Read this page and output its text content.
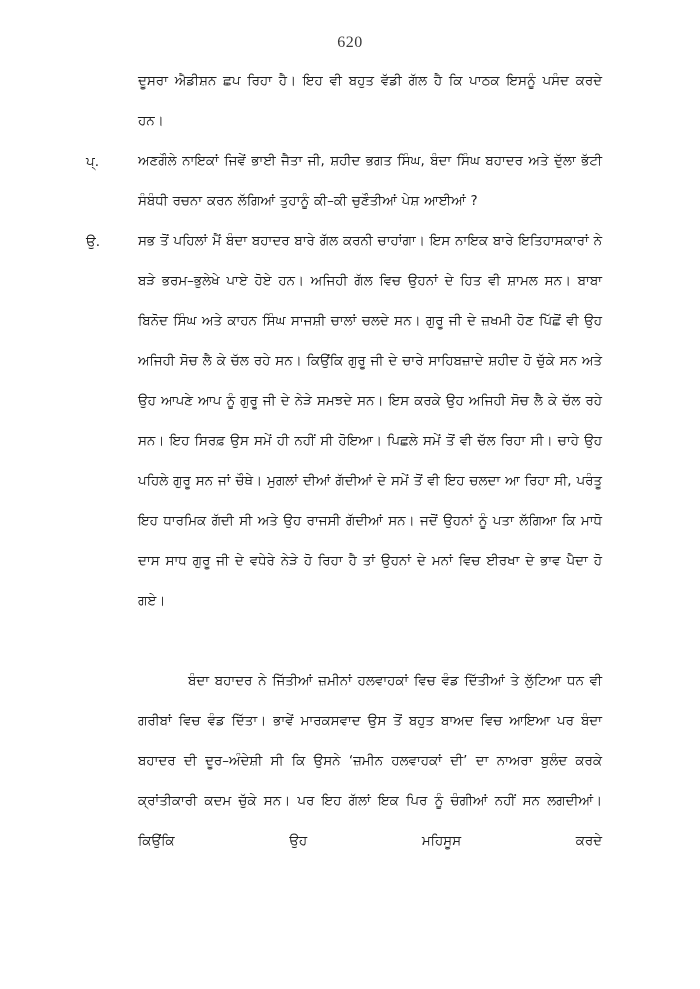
620

ਦੂਸਰਾ ਐਡੀਸ਼ਨ ਛਪ ਰਿਹਾ ਹੈ। ਇਹ ਵੀ ਬਹੁਤ ਵੱਡੀ ਗੱਲ ਹੈ ਕਿ ਪਾਠਕ ਇਸਨੂੰ ਪਸੰਦ ਕਰਦੇ ਹਨ।

ਪ੍.	ਅਣਗੌਲੇ ਨਾਇਕਾਂ ਜਿਵੇਂ ਭਾਈ ਜੈਤਾ ਜੀ, ਸ਼ਹੀਦ ਭਗਤ ਸਿੰਘ, ਬੰਦਾ ਸਿੰਘ ਬਹਾਦਰ ਅਤੇ ਦੁੱਲਾ ਭੱਟੀ ਸੰਬੰਧੀ ਰਚਨਾ ਕਰਨ ਲੱਗਿਆਂ ਤੁਹਾਨੂੰ ਕੀ–ਕੀ ਚੁਣੌਤੀਆਂ ਪੇਸ਼ ਆਈਆਂ ?

ਉ.	ਸਭ ਤੋਂ ਪਹਿਲਾਂ ਮੈਂ ਬੰਦਾ ਬਹਾਦਰ ਬਾਰੇ ਗੱਲ ਕਰਨੀ ਚਾਹਾਂਗਾ। ਇਸ ਨਾਇਕ ਬਾਰੇ ਇਤਿਹਾਸਕਾਰਾਂ ਨੇ ਬੜੇ ਭਰਮ–ਭੁਲੇਖੇ ਪਾਏ ਹੋਏ ਹਨ। ਅਜਿਹੀ ਗੱਲ ਵਿਚ ਉਹਨਾਂ ਦੇ ਹਿਤ ਵੀ ਸ਼ਾਮਲ ਸਨ। ਬਾਬਾ ਬਿਨੋਦ ਸਿੰਘ ਅਤੇ ਕਾਹਨ ਸਿੰਘ ਸਾਜਸ਼ੀ ਚਾਲਾਂ ਚਲਦੇ ਸਨ। ਗੁਰੂ ਜੀ ਦੇ ਜ਼ਖਮੀ ਹੋਣ ਪਿੱਛੋਂ ਵੀ ਉਹ ਅਜਿਹੀ ਸੋਚ ਲੈ ਕੇ ਚੱਲ ਰਹੇ ਸਨ। ਕਿਉਂਕਿ ਗੁਰੂ ਜੀ ਦੇ ਚਾਰੇ ਸਾਹਿਬਜ਼ਾਦੇ ਸ਼ਹੀਦ ਹੋ ਚੁੱਕੇ ਸਨ ਅਤੇ ਉਹ ਆਪਣੇ ਆਪ ਨੂੰ ਗੁਰੂ ਜੀ ਦੇ ਨੇੜੇ ਸਮਝਦੇ ਸਨ। ਇਸ ਕਰਕੇ ਉਹ ਅਜਿਹੀ ਸੋਚ ਲੈ ਕੇ ਚੱਲ ਰਹੇ ਸਨ। ਇਹ ਸਿਰਫ਼ ਉਸ ਸਮੇਂ ਹੀ ਨਹੀਂ ਸੀ ਹੋਇਆ। ਪਿਛਲੇ ਸਮੇਂ ਤੋਂ ਵੀ ਚੱਲ ਰਿਹਾ ਸੀ। ਚਾਹੇ ਉਹ ਪਹਿਲੇ ਗੁਰੂ ਸਨ ਜਾਂ ਚੌਥੇ। ਮੁਗਲਾਂ ਦੀਆਂ ਗੱਦੀਆਂ ਦੇ ਸਮੇਂ ਤੋਂ ਵੀ ਇਹ ਚਲਦਾ ਆ ਰਿਹਾ ਸੀ, ਪਰੰਤੂ ਇਹ ਧਾਰਮਿਕ ਗੱਦੀ ਸੀ ਅਤੇ ਉਹ ਰਾਜਸੀ ਗੱਦੀਆਂ ਸਨ। ਜਦੋਂ ਉਹਨਾਂ ਨੂੰ ਪਤਾ ਲੱਗਿਆ ਕਿ ਮਾਧੋ ਦਾਸ ਸਾਧ ਗੁਰੂ ਜੀ ਦੇ ਵਧੇਰੇ ਨੇੜੇ ਹੋ ਰਿਹਾ ਹੈ ਤਾਂ ਉਹਨਾਂ ਦੇ ਮਨਾਂ ਵਿਚ ਈਰਖਾ ਦੇ ਭਾਵ ਪੈਦਾ ਹੋ ਗਏ।

ਬੰਦਾ ਬਹਾਦਰ ਨੇ ਜਿੱਤੀਆਂ ਜ਼ਮੀਨਾਂ ਹਲਵਾਹਕਾਂ ਵਿਚ ਵੰਡ ਦਿੱਤੀਆਂ ਤੇ ਲੁੱਟਿਆ ਧਨ ਵੀ ਗਰੀਬਾਂ ਵਿਚ ਵੰਡ ਦਿੱਤਾ। ਭਾਵੇਂ ਮਾਰਕਸਵਾਦ ਉਸ ਤੋਂ ਬਹੁਤ ਬਾਅਦ ਵਿਚ ਆਇਆ ਪਰ ਬੰਦਾ ਬਹਾਦਰ ਦੀ ਦੂਰ–ਅੰਦੇਸ਼ੀ ਸੀ ਕਿ ਉਸਨੇ ‘ਜ਼ਮੀਨ ਹਲਵਾਹਕਾਂ ਦੀ’ ਦਾ ਨਾਅਰਾ ਬੁਲੰਦ ਕਰਕੇ ਕ੍ਰਾਂਤੀਕਾਰੀ ਕਦਮ ਚੁੱਕੇ ਸਨ। ਪਰ ਇਹ ਗੱਲਾਂ ਇਕ ਪਿਰ ਨੂੰ ਚੰਗੀਆਂ ਨਹੀਂ ਸਨ ਲਗਦੀਆਂ। ਕਿਉਂਕਿ ਉਹ ਮਹਿਸੂਸ ਕਰਦੇ
